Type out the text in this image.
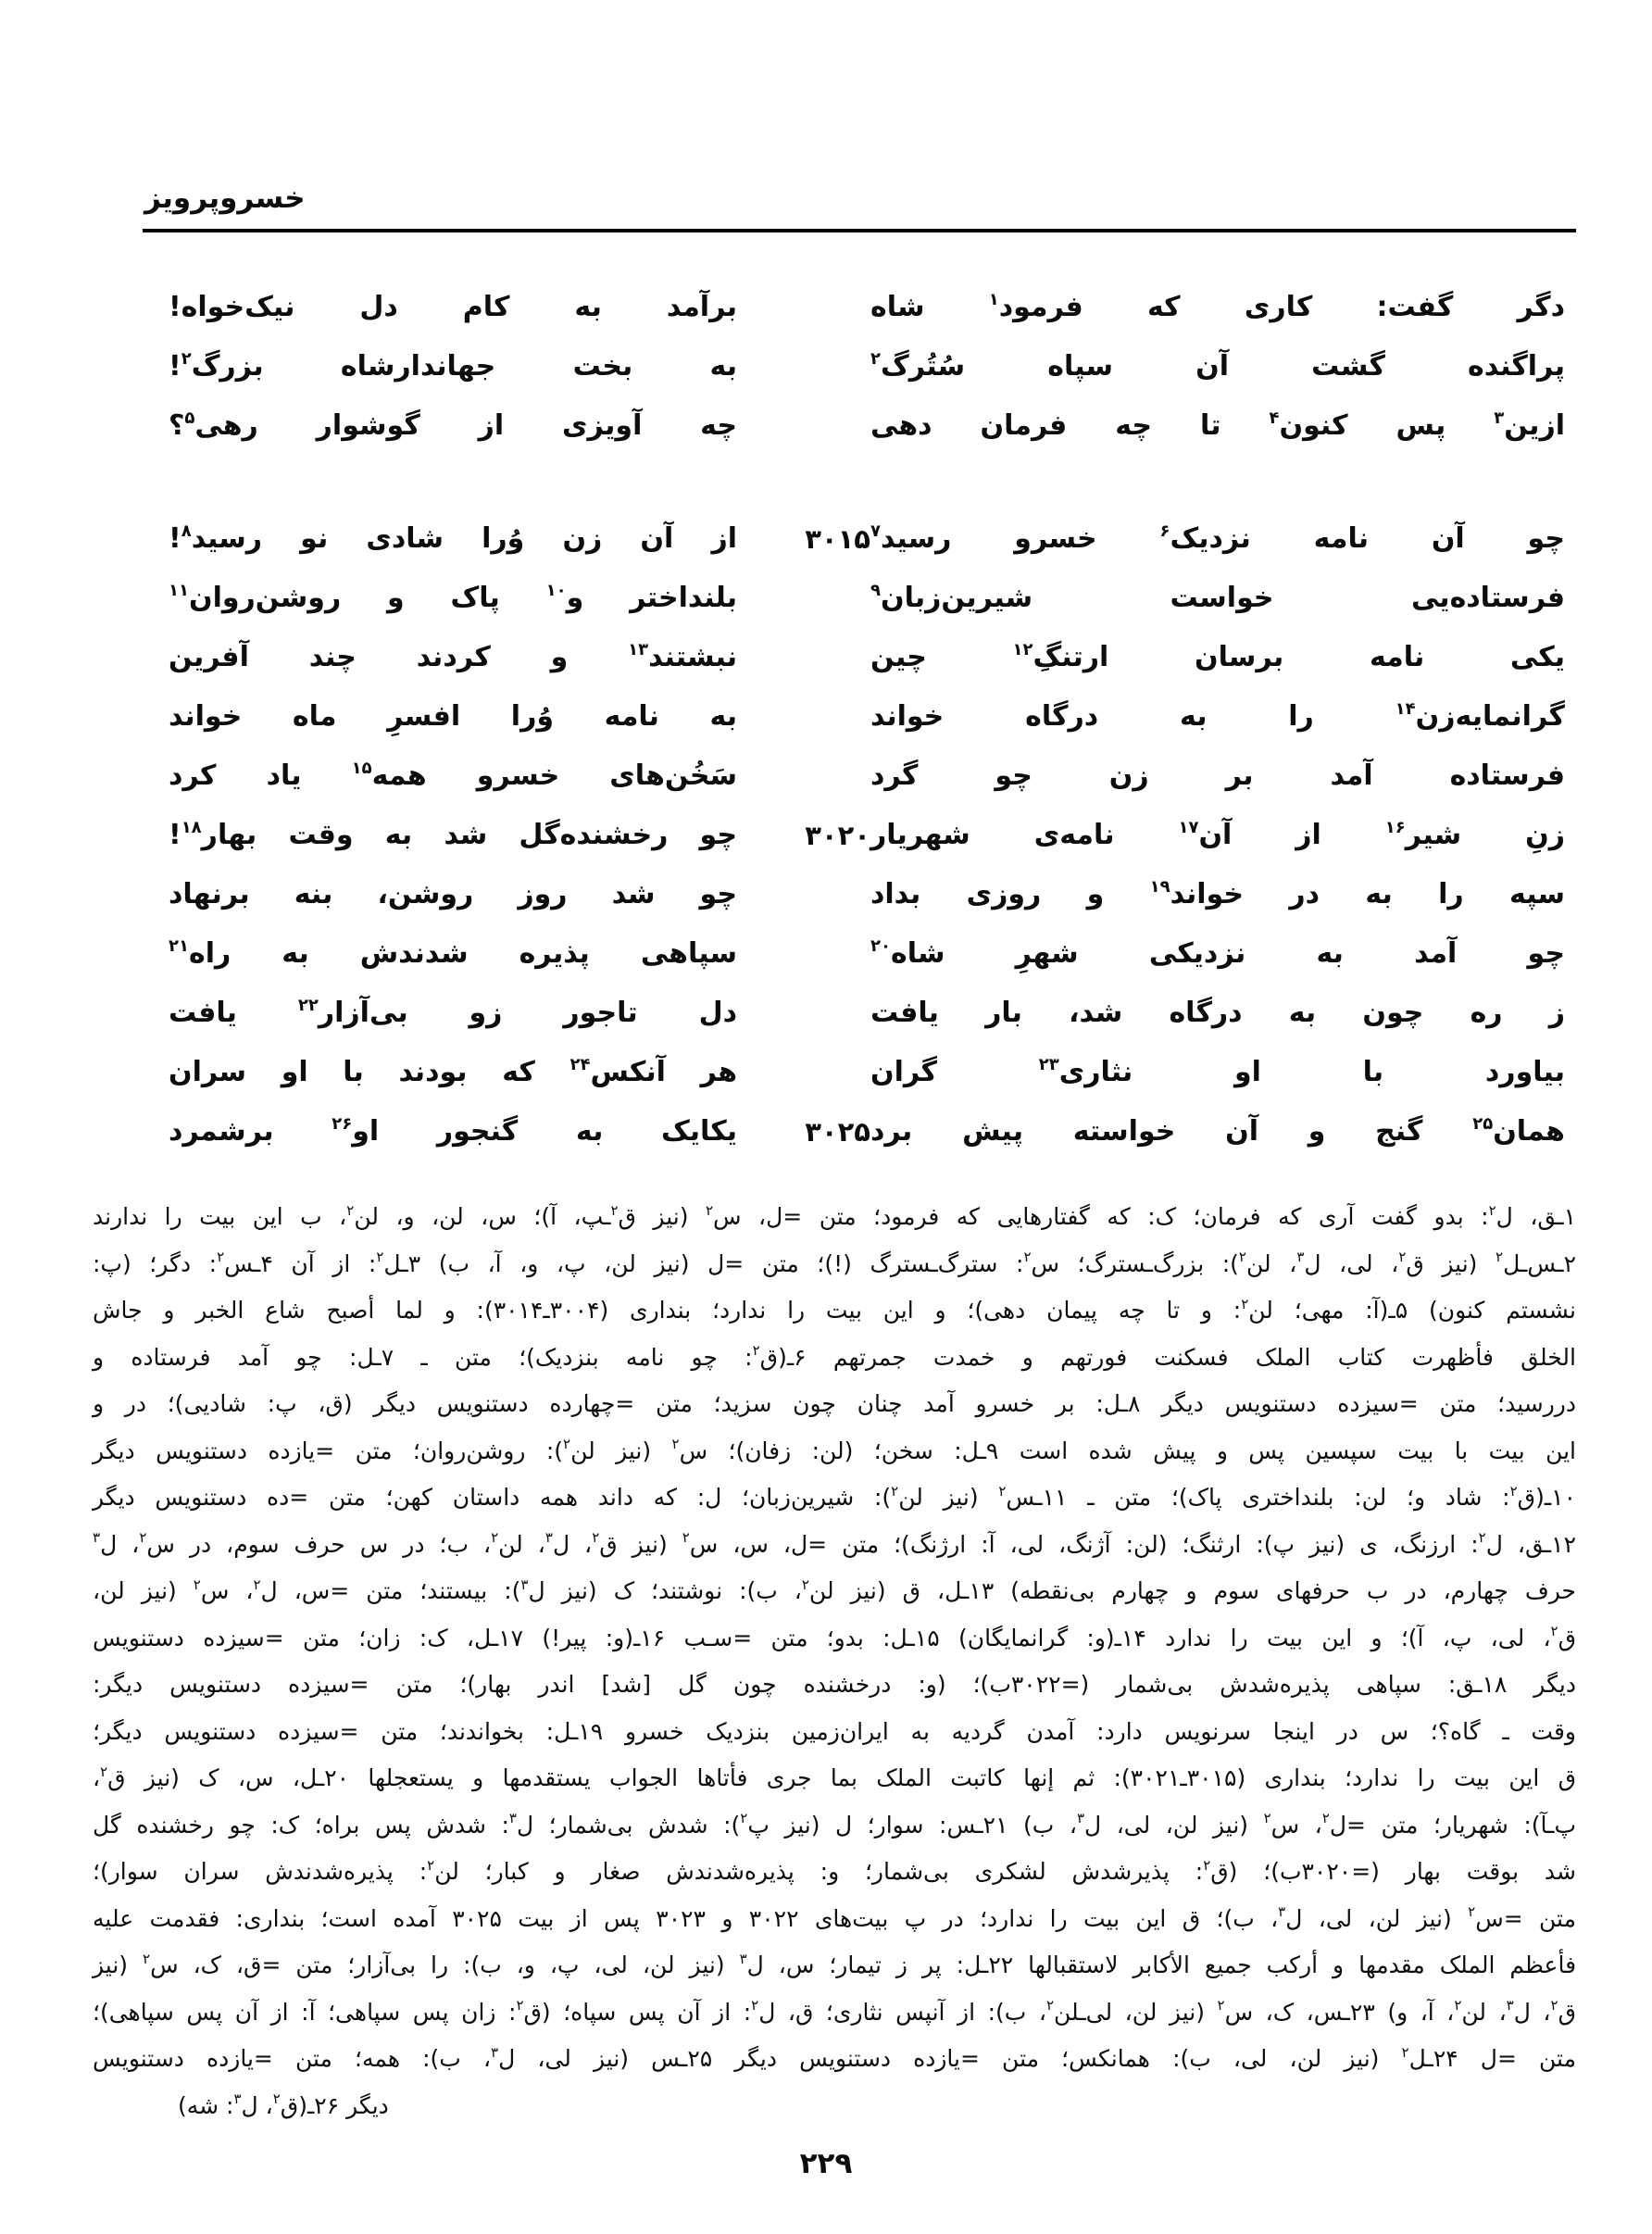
خسروپرویز
برآمد به کام دل نیک‌خواه!	دگر گفت: کاری که فرمود$^۱$ شاه
به بخت جهاندارشاه بزرگ$^۲$!	پراگنده گشت آن سپاه سُتُرگ$^۲$
چه آویزی از گوشوار رهی$^۵$؟	ازین$^۳$ پس کنون$^۴$ تا چه فرمان دهی
از آن زن وُرا شادی نو رسید$^۸$!	۳۰۱۵	چو آن نامه نزدیک$^۶$ خسرو رسید$^۷$
بلنداختر و$^{۱۰}$ پاک و روشن‌روان$^{۱۱}$	فرستاده‌یی خواست شیرین‌زبان$^۹$
نبشتند$^{۱۳}$ و کردند چند آفرین	یکی نامه برسان ارتنگِ$^{۱۲}$ چین
به نامه وُرا افسرِ ماه خواند	گرانمایه‌زن$^{۱۴}$ را به درگاه خواند
سَخُن‌های خسرو همه$^{۱۵}$ یاد کرد	فرستاده آمد بر زن چو گرد
چو رخشنده‌گل شد به وقت بهار$^{۱۸}$!	۳۰۲۰	زنِ شیر$^{۱۶}$ از آن$^{۱۷}$ نامه‌ی شهریار
چو شد روز روشن، بنه برنهاد	سپه را به در خواند$^{۱۹}$ و روزی بداد
سپاهی پذیره شدندش به راه$^{۲۱}$	چو آمد به نزدیکی شهرِ شاه$^{۲۰}$
دل تاجور زو بی‌آزار$^{۲۲}$ یافت	ز ره چون به درگاه شد، بار یافت
هر آنکس$^{۲۴}$ که بودند با او سران	بیاورد با او نثاری$^{۲۳}$ گران
یکایک به گنجور او$^{۲۶}$ برشمرد	۳۰۲۵	همان$^{۲۵}$ گنج و آن خواسته پیش برد
۱ـق، ل$^۲$: بدو گفت آری که فرمان؛ ک: که گفتارهایی که فرمود؛ متن =ل، س$^۲$ (نیز ق$^۲$ـپ، آ)؛ س، لن، و، لن$^۲$، ب این بیت را ندارند
۲ـس‌ـل$^۲$ (نیز ق$^۲$، لی، ل$^۳$، لن$^۲$): بزرگ‌ـسترگ؛ س$^۲$: سترگ‌ـسترگ (!)؛ متن =ل (نیز لن، پ، و، آ، ب) ۳ـل$^۲$: از آن ۴ـس$^۲$: دگر؛ (پ:
نشستم کنون) ۵ـ(آ: مهی؛ لن$^۲$: و تا چه پیمان دهی)؛ و این بیت را ندارد؛ بنداری (۳۰۰۴ـ۳۰۱۴): و لما أصبح شاع الخبر و جاش
الخلق فأظهرت کتاب الملک فسکنت فورتهم و خمدت جمرتهم ۶ـ(ق$^۲$: چو نامه بنزدیک)؛ متن ـ ۷ـل: چو آمد فرستاده و
دررسید؛ متن =سیزده دستنویس دیگر ۸ـل: بر خسرو آمد چنان چون سزید؛ متن =چهارده دستنویس دیگر (ق، پ: شادیی)؛ در و
این بیت با بیت سپسین پس و پیش شده است ۹ـل: سخن؛ (لن: زفان)؛ س$^۲$ (نیز لن$^۲$): روشن‌روان؛ متن =یازده دستنویس دیگر
۱۰ـ(ق$^۲$: شاد و؛ لن: بلنداختری پاک)؛ متن ـ ۱۱ـس$^۲$ (نیز لن$^۲$): شیرین‌زبان؛ ل: که داند همه داستان کهن؛ متن =ده دستنویس دیگر
۱۲ـق، ل$^۲$: ارزنگ، ی (نیز پ): ارثنگ؛ (لن: آژنگ، لی، آ: ارژنگ)؛ متن =ل، س، س$^۲$ (نیز ق$^۲$، ل$^۳$، لن$^۲$، ب؛ در س حرف سوم، در س$^۲$، ل$^۳$
حرف چهارم، در ب حرفهای سوم و چهارم بی‌نقطه) ۱۳ـل، ق (نیز لن$^۲$، ب): نوشتند؛ ک (نیز ل$^۳$): بیستند؛ متن =س، ل$^۲$، س$^۲$ (نیز لن،
ق$^۲$، لی، پ، آ)؛ و این بیت را ندارد ۱۴ـ(و: گرانمایگان) ۱۵ـل: بدو؛ متن =سـب ۱۶ـ(و: پیر!) ۱۷ـل، ک: زان؛ متن =سیزده دستنویس
دیگر ۱۸ـق: سپاهی پذیره‌شدش بی‌شمار (=۳۰۲۲ب)؛ (و: درخشنده چون گل [شد] اندر بهار)؛ متن =سیزده دستنویس دیگر:
وقت ـ گاه؟؛ س در اینجا سرنویس دارد: آمدن گردیه به ایران‌زمین بنزدیک خسرو ۱۹ـل: بخواندند؛ متن =سیزده دستنویس دیگر؛
ق این بیت را ندارد؛ بنداری (۳۰۱۵ـ۳۰۲۱): ثم إنها کاتبت الملک بما جری فأتاها الجواب یستقدمها و یستعجلها ۲۰ـل، س، ک (نیز ق$^۲$،
پ‌ـآ): شهریار؛ متن =ل$^۲$، س$^۲$ (نیز لن، لی، ل$^۳$، ب) ۲۱ـس: سوار؛ ل (نیز پ$^۲$): شدش بی‌شمار؛ ل$^۳$: شدش پس براه؛ ک: چو رخشنده گل
شد بوقت بهار (=۳۰۲۰ب)؛ (ق$^۲$: پذیرشدش لشکری بی‌شمار؛ و: پذیره‌شدندش صغار و کبار؛ لن$^۲$: پذیره‌شدندش سران سوار)؛
متن =س$^۲$ (نیز لن، لی، ل$^۳$، ب)؛ ق این بیت را ندارد؛ در پ بیت‌های ۳۰۲۲ و ۳۰۲۳ پس از بیت ۳۰۲۵ آمده است؛ بنداری: فقدمت علیه
فأعظم الملک مقدمها و أرکب جمیع الأکابر لاستقبالها ۲۲ـل: پر ز تیمار؛ س، ل$^۳$ (نیز لن، لی، پ، و، ب): را بی‌آزار؛ متن =ق، ک، س$^۲$ (نیز
ق$^۲$، ل$^۳$، لن$^۲$، آ، و) ۲۳ـس، ک، س$^۲$ (نیز لن، لی‌ـلن$^۲$، ب): از آنپس نثاری؛ ق، ل$^۲$: از آن پس سپاه؛ (ق$^۲$: زان پس سپاهی؛ آ: از آن پس سپاهی)؛
متن =ل ۲۴ـل$^۲$ (نیز لن، لی، ب): همانکس؛ متن =یازده دستنویس دیگر ۲۵ـس (نیز لی، ل$^۳$، ب): همه؛ متن =یازده دستنویس
دیگر ۲۶ـ(ق$^۲$، ل$^۳$: شه)
۲۲۹
